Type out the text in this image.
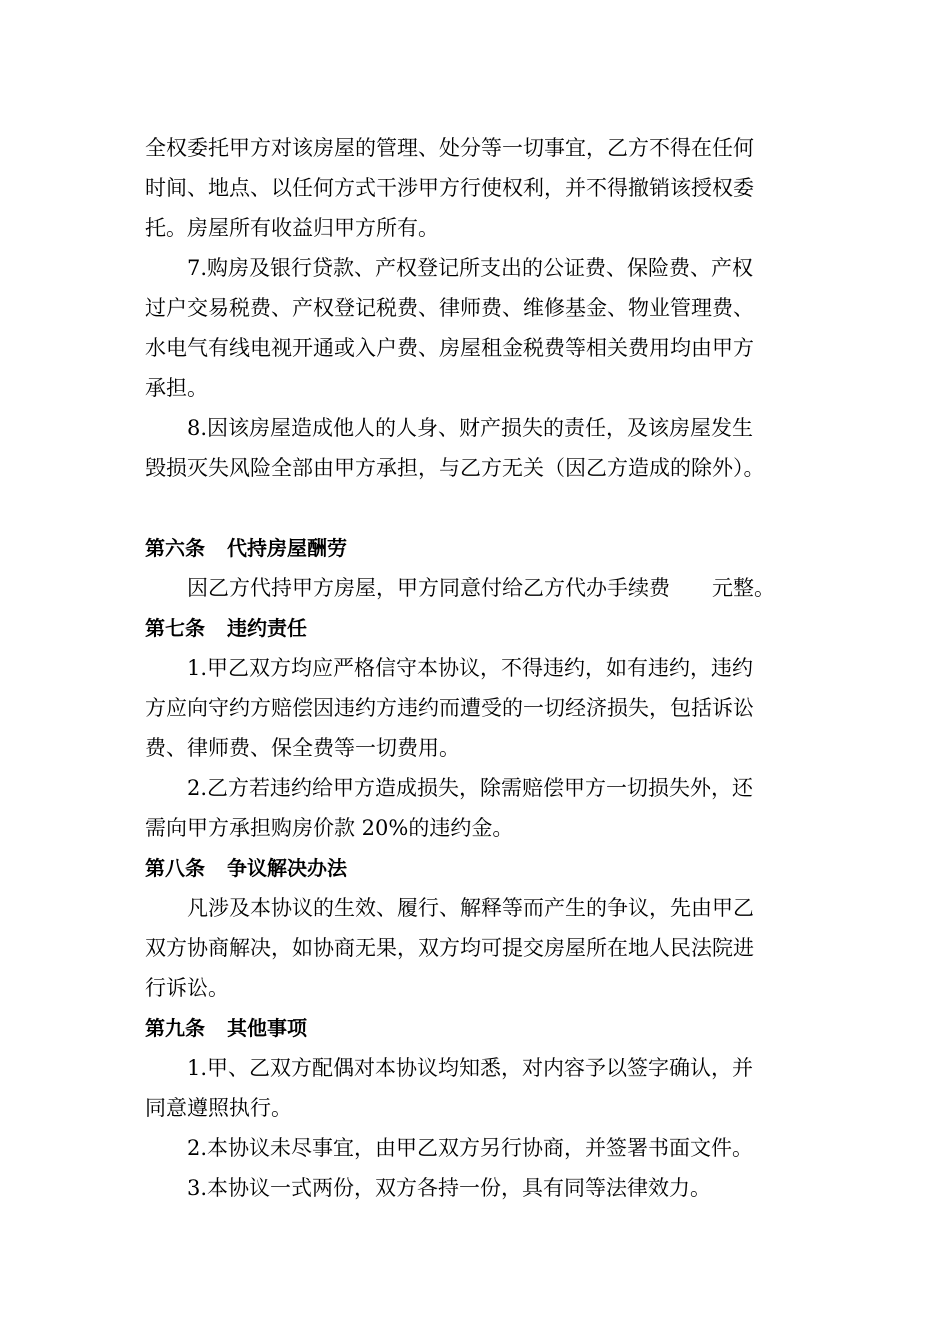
全权委托甲方对该房屋的管理、处分等一切事宜，乙方不得在任何
时间、地点、以任何方式干涉甲方行使权利，并不得撤销该授权委
托。房屋所有收益归甲方所有。
7.购房及银行贷款、产权登记所支出的公证费、保险费、产权
过户交易税费、产权登记税费、律师费、维修基金、物业管理费、
水电气有线电视开通或入户费、房屋租金税费等相关费用均由甲方
承担。
8.因该房屋造成他人的人身、财产损失的责任，及该房屋发生
毁损灭失风险全部由甲方承担，与乙方无关（因乙方造成的除外）。
第六条 代持房屋酬劳
因乙方代持甲方房屋，甲方同意付给乙方代办手续费 元整。
第七条 违约责任
1.甲乙双方均应严格信守本协议，不得违约，如有违约，违约
方应向守约方赔偿因违约方违约而遭受的一切经济损失，包括诉讼
费、律师费、保全费等一切费用。
2.乙方若违约给甲方造成损失，除需赔偿甲方一切损失外，还
需向甲方承担购房价款 20%的违约金。
第八条 争议解决办法
凡涉及本协议的生效、履行、解释等而产生的争议，先由甲乙
双方协商解决，如协商无果，双方均可提交房屋所在地人民法院进
行诉讼。
第九条 其他事项
1.甲、乙双方配偶对本协议均知悉，对内容予以签字确认，并
同意遵照执行。
2.本协议未尽事宜，由甲乙双方另行协商，并签署书面文件。
3.本协议一式两份，双方各持一份，具有同等法律效力。
